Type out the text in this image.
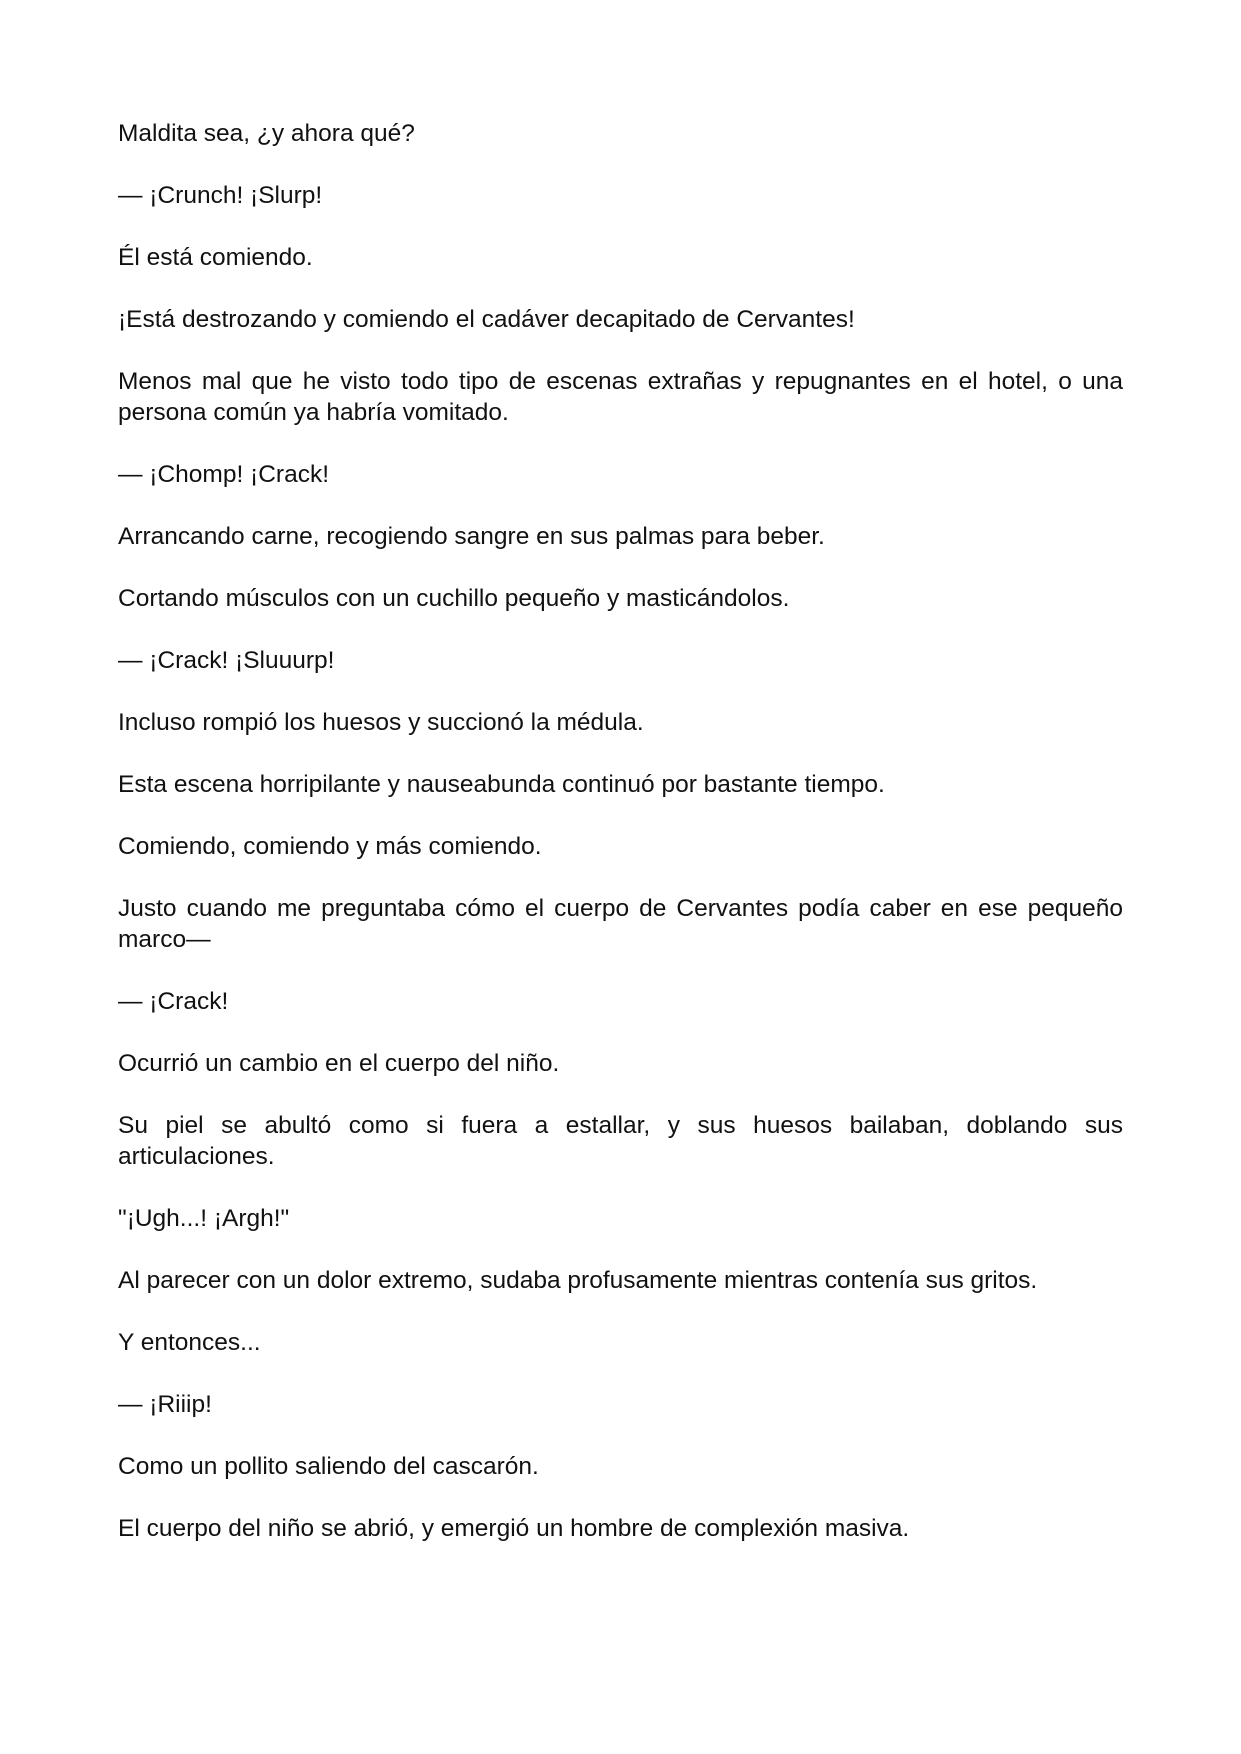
Maldita sea, ¿y ahora qué?

— ¡Crunch! ¡Slurp!

Él está comiendo.

¡Está destrozando y comiendo el cadáver decapitado de Cervantes!

Menos mal que he visto todo tipo de escenas extrañas y repugnantes en el hotel, o una persona común ya habría vomitado.

— ¡Chomp! ¡Crack!

Arrancando carne, recogiendo sangre en sus palmas para beber.

Cortando músculos con un cuchillo pequeño y masticándolos.

— ¡Crack! ¡Sluuurp!

Incluso rompió los huesos y succionó la médula.

Esta escena horripilante y nauseabunda continuó por bastante tiempo.

Comiendo, comiendo y más comiendo.

Justo cuando me preguntaba cómo el cuerpo de Cervantes podía caber en ese pequeño marco—

— ¡Crack!

Ocurrió un cambio en el cuerpo del niño.

Su piel se abultó como si fuera a estallar, y sus huesos bailaban, doblando sus articulaciones.

"¡Ugh...! ¡Argh!"

Al parecer con un dolor extremo, sudaba profusamente mientras contenía sus gritos.

Y entonces...

— ¡Riiip!

Como un pollito saliendo del cascarón.

El cuerpo del niño se abrió, y emergió un hombre de complexión masiva.
